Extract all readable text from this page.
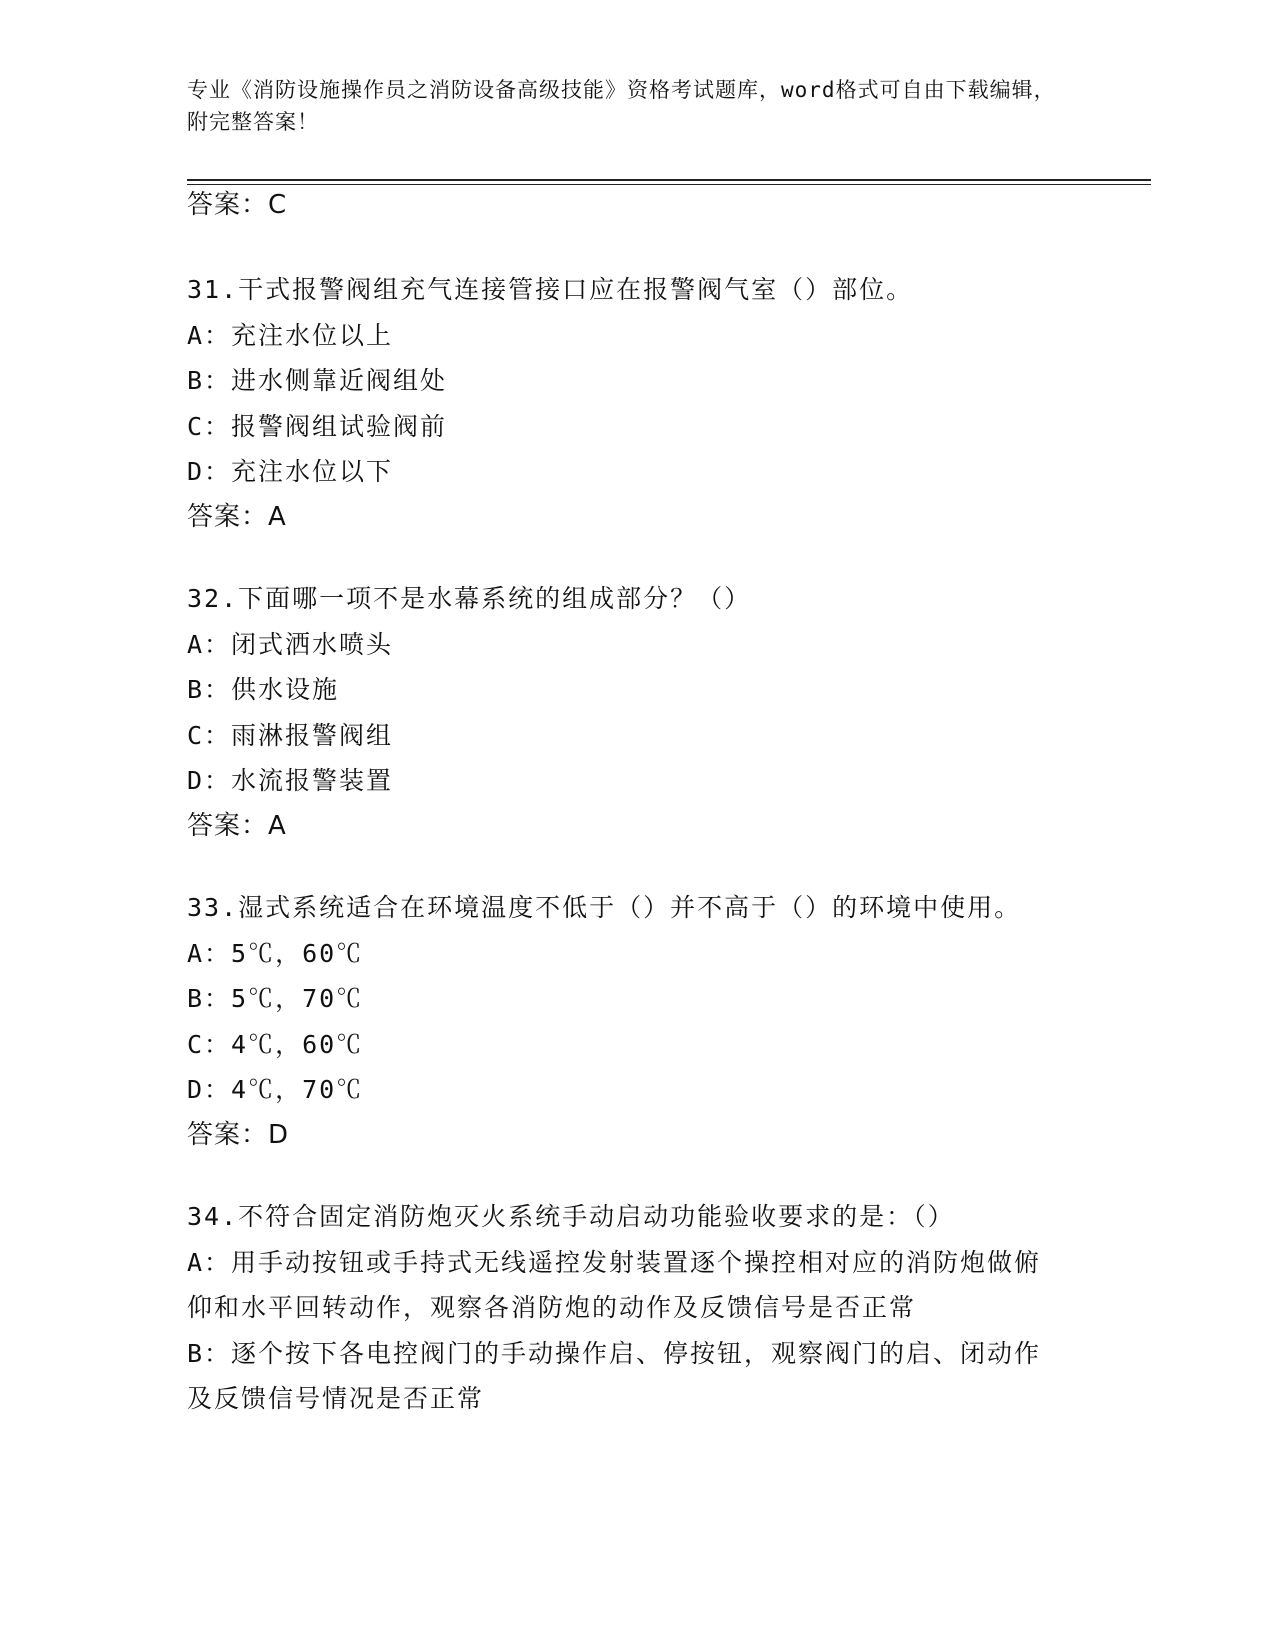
专业《消防设施操作员之消防设备高级技能》资格考试题库，word格式可自由下载编辑，附完整答案！
答案：C
31.干式报警阀组充气连接管接口应在报警阀气室（）部位。
A：充注水位以上
B：进水侧靠近阀组处
C：报警阀组试验阀前
D：充注水位以下
答案：A
32.下面哪一项不是水幕系统的组成部分？（）
A：闭式洒水喷头
B：供水设施
C：雨淋报警阀组
D：水流报警装置
答案：A
33.湿式系统适合在环境温度不低于（）并不高于（）的环境中使用。
A：5℃，60℃
B：5℃，70℃
C：4℃，60℃
D：4℃，70℃
答案：D
34.不符合固定消防炮灭火系统手动启动功能验收要求的是：（）
A：用手动按钮或手持式无线遥控发射装置逐个操控相对应的消防炮做俯仰和水平回转动作，观察各消防炮的动作及反馈信号是否正常
B：逐个按下各电控阀门的手动操作启、停按钮，观察阀门的启、闭动作及反馈信号情况是否正常
